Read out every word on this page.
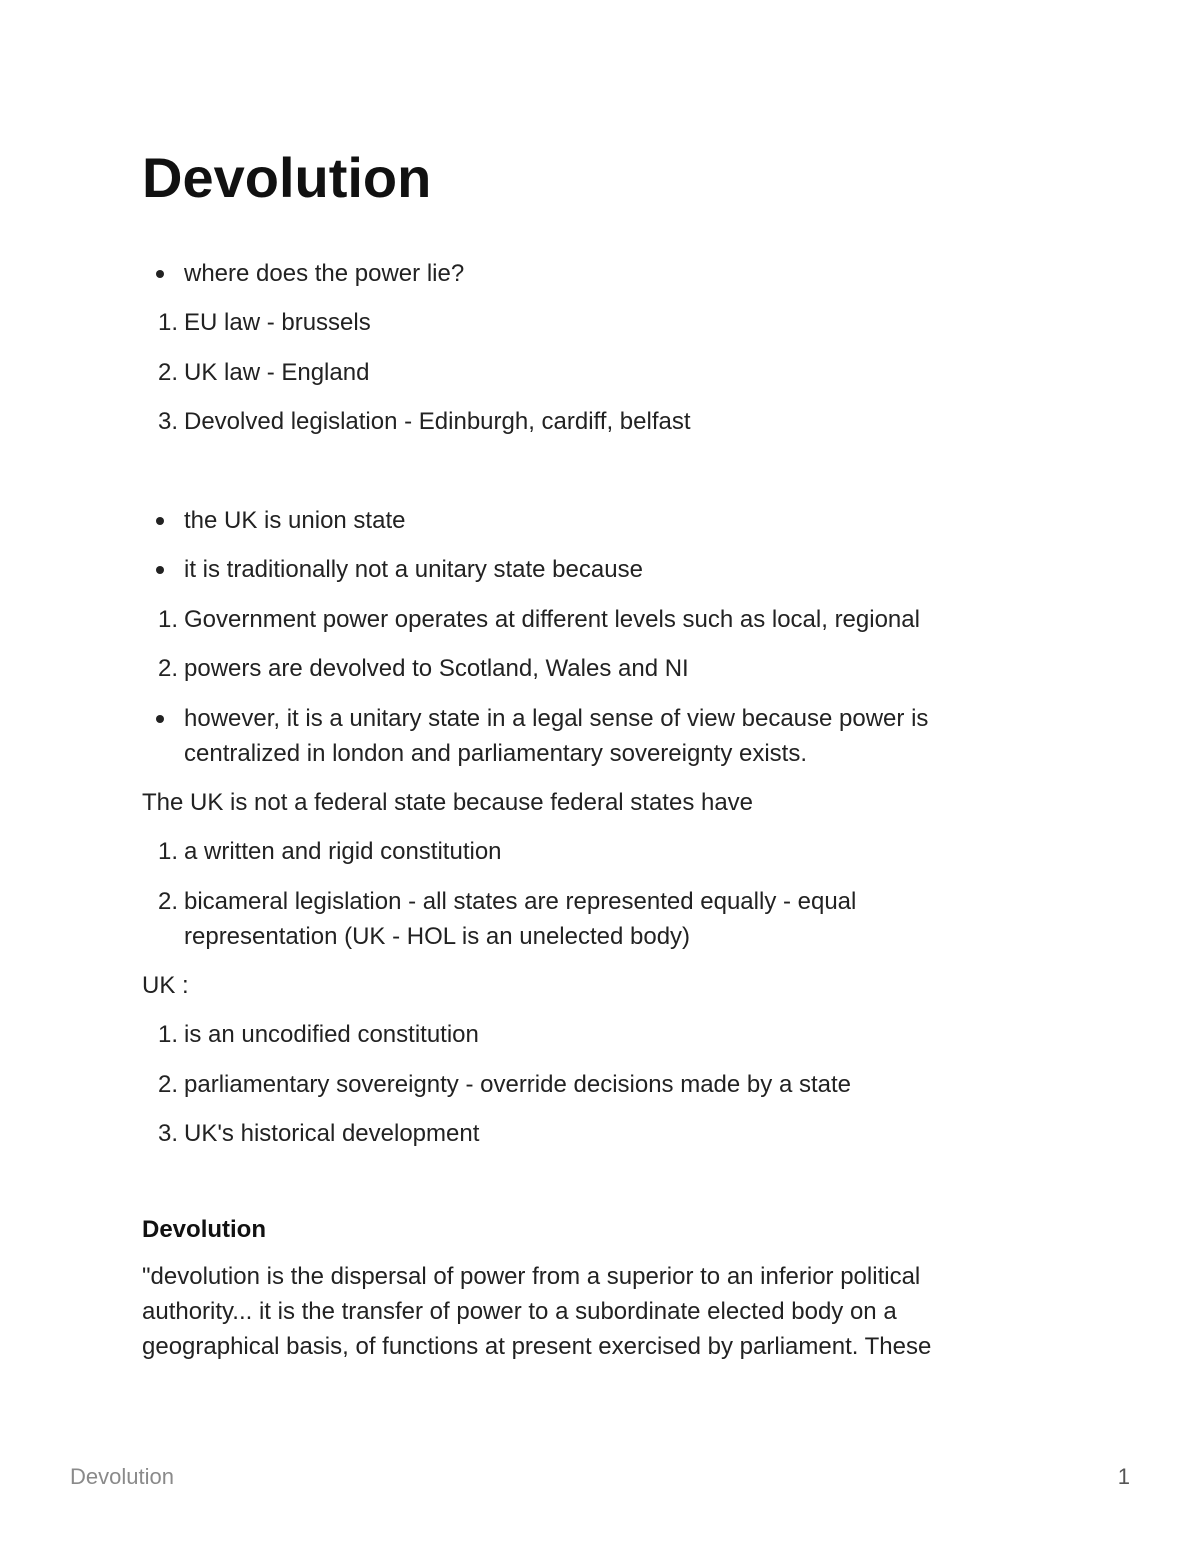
Devolution
where does the power lie?
1. EU law - brussels
2. UK law - England
3. Devolved legislation - Edinburgh, cardiff, belfast
the UK is union state
it is traditionally not a unitary state because
1. Government power operates at different levels such as local, regional
2. powers are devolved to Scotland, Wales and NI
however, it is a unitary state in a legal sense of view because power is centralized in london and parliamentary sovereignty exists.
The UK is not a federal state because federal states have
1. a written and rigid constitution
2. bicameral legislation - all states are represented equally - equal representation (UK - HOL is an unelected body)
UK :
1. is an uncodified constitution
2. parliamentary sovereignty - override decisions made by a state
3. UK's historical development
Devolution
"devolution is the dispersal of power from a superior to an inferior political authority... it is the transfer of power to a subordinate elected body on a geographical basis, of functions at present exercised by parliament. These
Devolution	1
